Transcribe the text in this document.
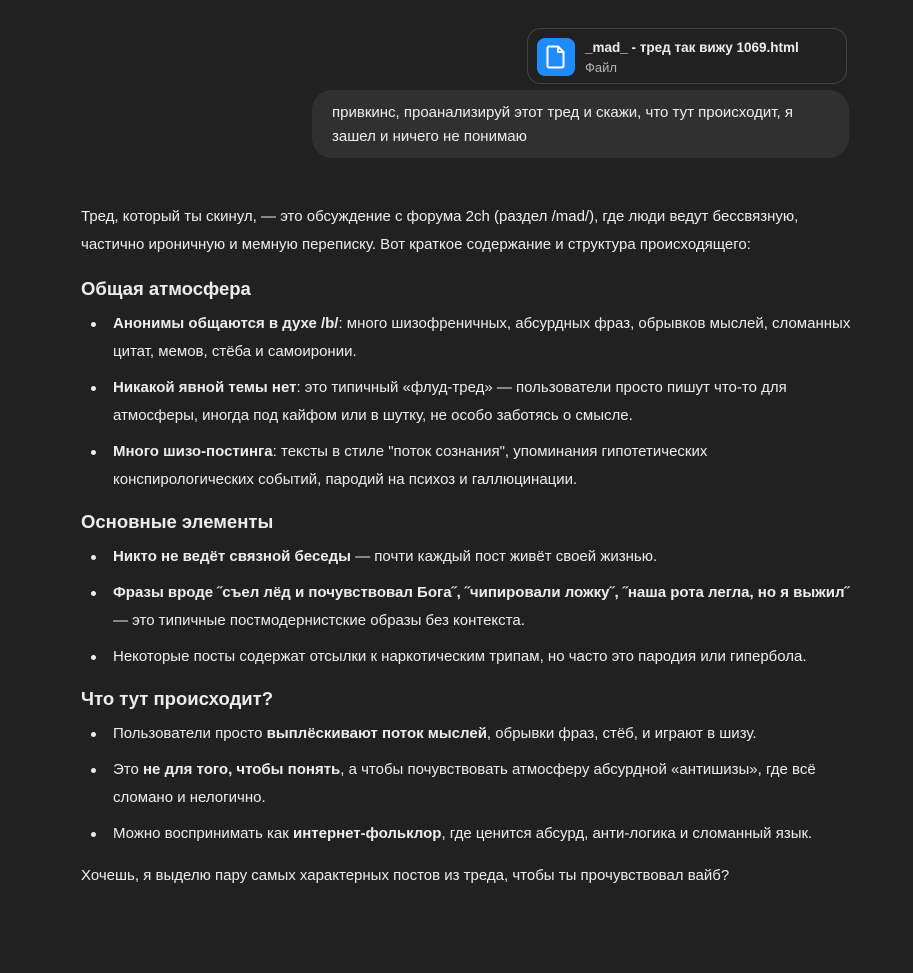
_mad_ - тред так вижу 1069.html
Файл
привкинс, проанализируй этот тред и скажи, что тут происходит, я зашел и ничего не понимаю

Тред, который ты скинул, — это обсуждение с форума 2ch (раздел /mad/), где люди ведут бессвязную, частично ироничную и мемную переписку. Вот краткое содержание и структура происходящего:

Общая атмосфера
Анонимы общаются в духе /b/: много шизофреничных, абсурдных фраз, обрывков мыслей, сломанных цитат, мемов, стёба и самоиронии.
Никакой явной темы нет: это типичный «флуд-тред» — пользователи просто пишут что-то для атмосферы, иногда под кайфом или в шутку, не особо заботясь о смысле.
Много шизо-постинга: тексты в стиле "поток сознания", упоминания гипотетических конспирологических событий, пародий на психоз и галлюцинации.
Основные элементы
Никто не ведёт связной беседы — почти каждый пост живёт своей жизнью.
Фразы вроде ˝съел лёд и почувствовал Бога˝, ˝чипировали ложку˝, ˝наша рота легла, но я выжил˝ — это типичные постмодернистские образы без контекста.
Некоторые посты содержат отсылки к наркотическим трипам, но часто это пародия или гипербола.
Что тут происходит?
Пользователи просто выплёскивают поток мыслей, обрывки фраз, стёб, и играют в шизу.
Это не для того, чтобы понять, а чтобы почувствовать атмосферу абсурдной «антишизы», где всё сломано и нелогично.
Можно воспринимать как интернет-фольклор, где ценится абсурд, анти-логика и сломанный язык.

Хочешь, я выделю пару самых характерных постов из треда, чтобы ты прочувствовал вайб?
